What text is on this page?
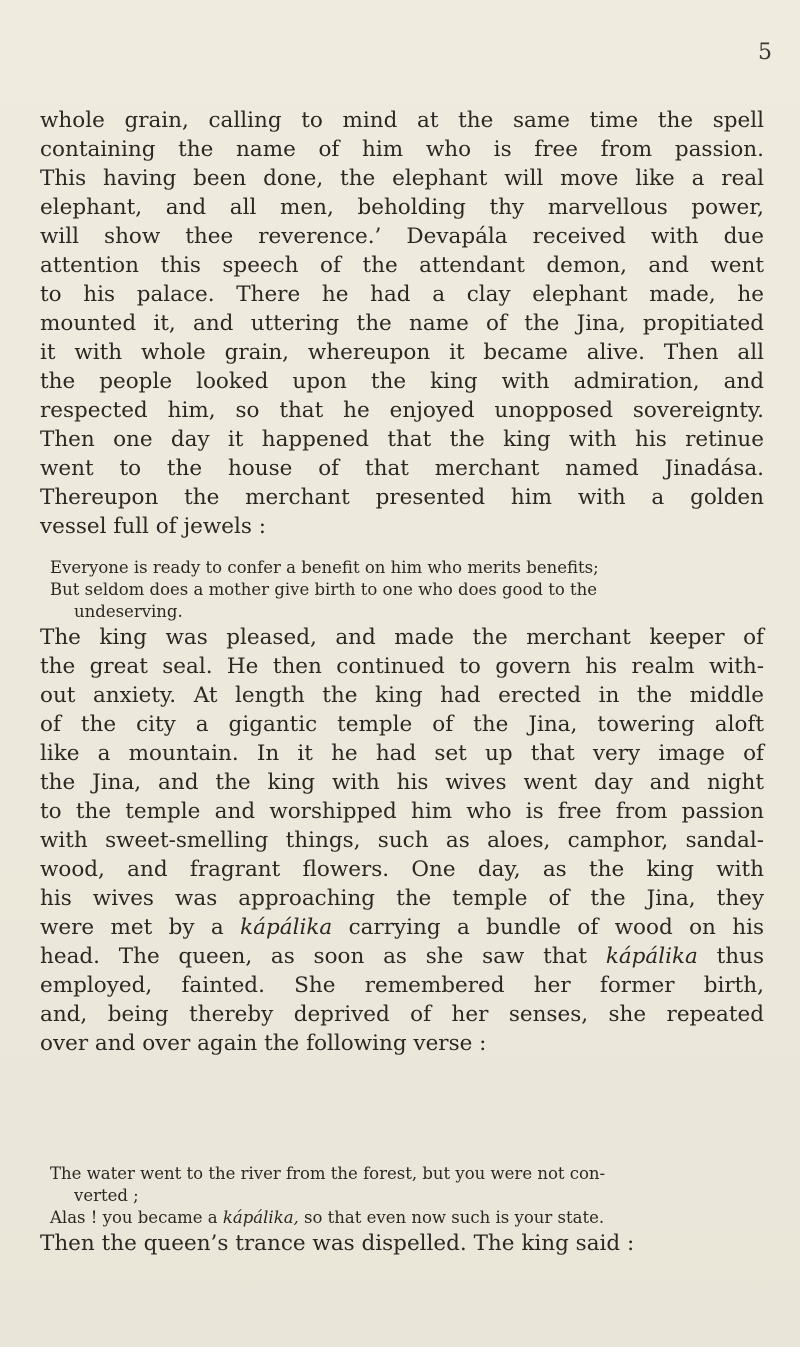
5
whole grain, calling to mind at the same time the spell
containing the name of him who is free from passion.
This having been done, the elephant will move like a real
elephant, and all men, beholding thy marvellous power,
will show thee reverence.’ Devapála received with due
attention this speech of the attendant demon, and went
to his palace. There he had a clay elephant made, he
mounted it, and uttering the name of the Jina, propitiated
it with whole grain, whereupon it became alive. Then all
the people looked upon the king with admiration, and
respected him, so that he enjoyed unopposed sovereignty.
Then one day it happened that the king with his retinue
went to the house of that merchant named Jinadása.
Thereupon the merchant presented him with a golden
vessel full of jewels :
Everyone is ready to confer a benefit on him who merits benefits;
But seldom does a mother give birth to one who does good to the
undeserving.
The king was pleased, and made the merchant keeper of
the great seal. He then continued to govern his realm with-
out anxiety. At length the king had erected in the middle
of the city a gigantic temple of the Jina, towering aloft
like a mountain. In it he had set up that very image of
the Jina, and the king with his wives went day and night
to the temple and worshipped him who is free from passion
with sweet-smelling things, such as aloes, camphor, sandal-
wood, and fragrant flowers. One day, as the king with
his wives was approaching the temple of the Jina, they
were met by a kápálika carrying a bundle of wood on his
head. The queen, as soon as she saw that kápálika thus
employed, fainted. She remembered her former birth,
and, being thereby deprived of her senses, she repeated
over and over again the following verse :
The water went to the river from the forest, but you were not con-
verted ;
Alas ! you became a kápálika, so that even now such is your state.
Then the queen’s trance was dispelled. The king said :
